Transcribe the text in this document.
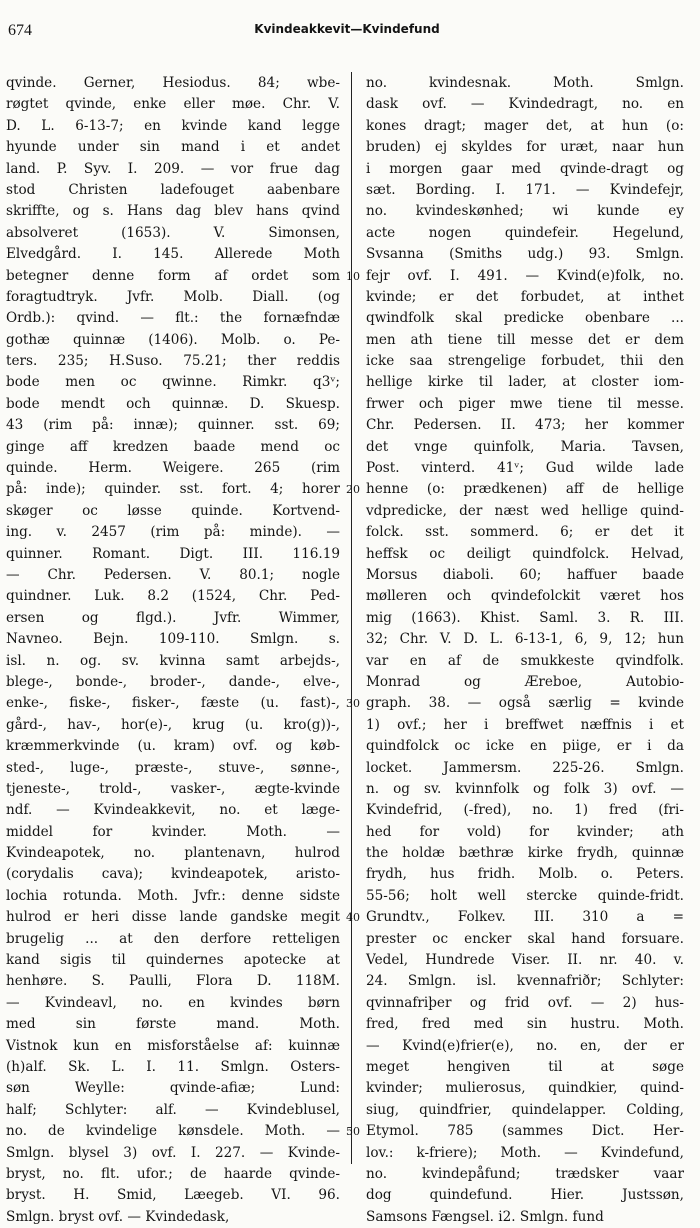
674	Kvindeakkevit—Kvindefund
qvinde. Gerner, Hesiodus. 84; wbe-
røgtet qvinde, enke eller møe. Chr. V.
D. L. 6-13-7; en kvinde kand legge
hyunde under sin mand i et andet
land. P. Syv. I. 209. — vor frue dag
stod Christen ladefouget aabenbare
skriffte, og s. Hans dag blev hans qvind
absolveret (1653). V. Simonsen,
Elvedgård. I. 145. Allerede Moth
betegner denne form af ordet som
foragtudtryk. Jvfr. Molb. Diall. (og
Ordb.): qvind. — flt.: the fornæfndæ
gothæ quinnæ (1406). Molb. o. Pe-
ters. 235; H.Suso. 75.21; ther reddis
bode men oc qwinne. Rimkr. q3ᵛ;
bode mendt och quinnæ. D. Skuesp.
43 (rim på: innæ); quinner. sst. 69;
ginge aff kredzen baade mend oc
quinde. Herm. Weigere. 265 (rim
på: inde); quinder. sst. fort. 4; horer
skøger oc løsse quinde. Kortvend-
ing. v. 2457 (rim på: minde). —
quinner. Romant. Digt. III. 116.19
— Chr. Pedersen. V. 80.1; nogle
quindner. Luk. 8.2 (1524, Chr. Ped-
ersen og flgd.). Jvfr. Wimmer,
Navneo. Bejn. 109-110. Smlgn. s.
isl. n. og. sv. kvinna samt arbejds-,
blege-, bonde-, broder-, dande-, elve-,
enke-, fiske-, fisker-, fæste (u. fast)-,
gård-, hav-, hor(e)-, krug (u. kro(g))-,
kræmmerkvinde (u. kram) ovf. og køb-
sted-, luge-, præste-, stuve-, sønne-,
tjeneste-, trold-, vasker-, ægte-kvinde
ndf. — Kvindeakkevit, no. et læge-
middel for kvinder. Moth. —
Kvindeapotek, no. plantenavn, hulrod
(corydalis cava); kvindeapotek, aristo-
lochia rotunda. Moth. Jvfr.: denne sidste
hulrod er heri disse lande gandske megit
brugelig ... at den derfore retteligen
kand sigis til quindernes apotecke at
henhøre. S. Paulli, Flora D. 118M.
— Kvindeavl, no. en kvindes børn
med sin første mand. Moth.
Vistnok kun en misforståelse af: kuinnæ
(h)alf. Sk. L. I. 11. Smlgn. Osters-
søn Weylle: qvinde-afiæ; Lund:
half; Schlyter: alf. — Kvindeblusel,
no. de kvindelige kønsdele. Moth. —
Smlgn. blysel 3) ovf. I. 227. — Kvinde-
bryst, no. flt. ufor.; de haarde qvinde-
bryst. H. Smid, Læegeb. VI. 96.
Smlgn. bryst ovf. — Kvindedask,
no. kvindesnak. Moth. Smlgn.
dask ovf. — Kvindedragt, no. en
kones dragt; mager det, at hun (o:
bruden) ej skyldes for uræt, naar hun
i morgen gaar med qvinde-dragt og
sæt. Bording. I. 171. — Kvindefejr,
no. kvindeskønhed; wi kunde ey
acte nogen quindefeir. Hegelund,
Svsanna (Smiths udg.) 93. Smlgn.
10 fejr ovf. I. 491. — Kvind(e)folk, no.
kvinde; er det forbudet, at inthet
qwindfolk skal predicke obenbare ...
men ath tiene till messe det er dem
icke saa strengelige forbudet, thii den
hellige kirke til lader, at closter iom-
frwer och piger mwe tiene til messe.
Chr. Pedersen. II. 473; her kommer
det vnge quinfolk, Maria. Tavsen,
Post. vinterd. 41ᵛ; Gud wilde lade
20 henne (o: prædkenen) aff de hellige
vdpredicke, der næst wed hellige quind-
folck. sst. sommerd. 6; er det it
heffsk oc deiligt quindfolck. Helvad,
Morsus diaboli. 60; haffuer baade
mølleren och qvindefolckit været hos
mig (1663). Khist. Saml. 3. R. III.
32; Chr. V. D. L. 6-13-1, 6, 9, 12; hun
var en af de smukkeste qvindfolk.
Monrad og Æreboe, Autobio-
30 graph. 38. — også særlig = kvinde
1) ovf.; her i breffwet næffnis i et
quindfolck oc icke en piige, er i da
locket. Jammersm. 225-26. Smlgn.
n. og sv. kvinnfolk og folk 3) ovf. —
Kvindefrid, (-fred), no. 1) fred (fri-
hed for vold) for kvinder; ath
the holdæ bæthræ kirke frydh, quinnæ
frydh, hus fridh. Molb. o. Peters.
55-56; holt well stercke quinde-fridt.
40 Grundtv., Folkev. III. 310 a =
prester oc encker skal hand forsuare.
Vedel, Hundrede Viser. II. nr. 40. v.
24. Smlgn. isl. kvennafriðr; Schlyter:
qvinnafriþer og frid ovf. — 2) hus-
fred, fred med sin hustru. Moth.
— Kvind(e)frier(e), no. en, der er
meget hengiven til at søge
kvinder; mulierosus, quindkier, quind-
siug, quindfrier, quindelapper. Colding,
50 Etymol. 785 (sammes Dict. Her-
lov.: k-friere); Moth. — Kvindefund,
no. kvindepåfund; trædsker vaar
dog quindefund. Hier. Justssøn,
Samsons Fængsel. i2. Smlgn. fund
